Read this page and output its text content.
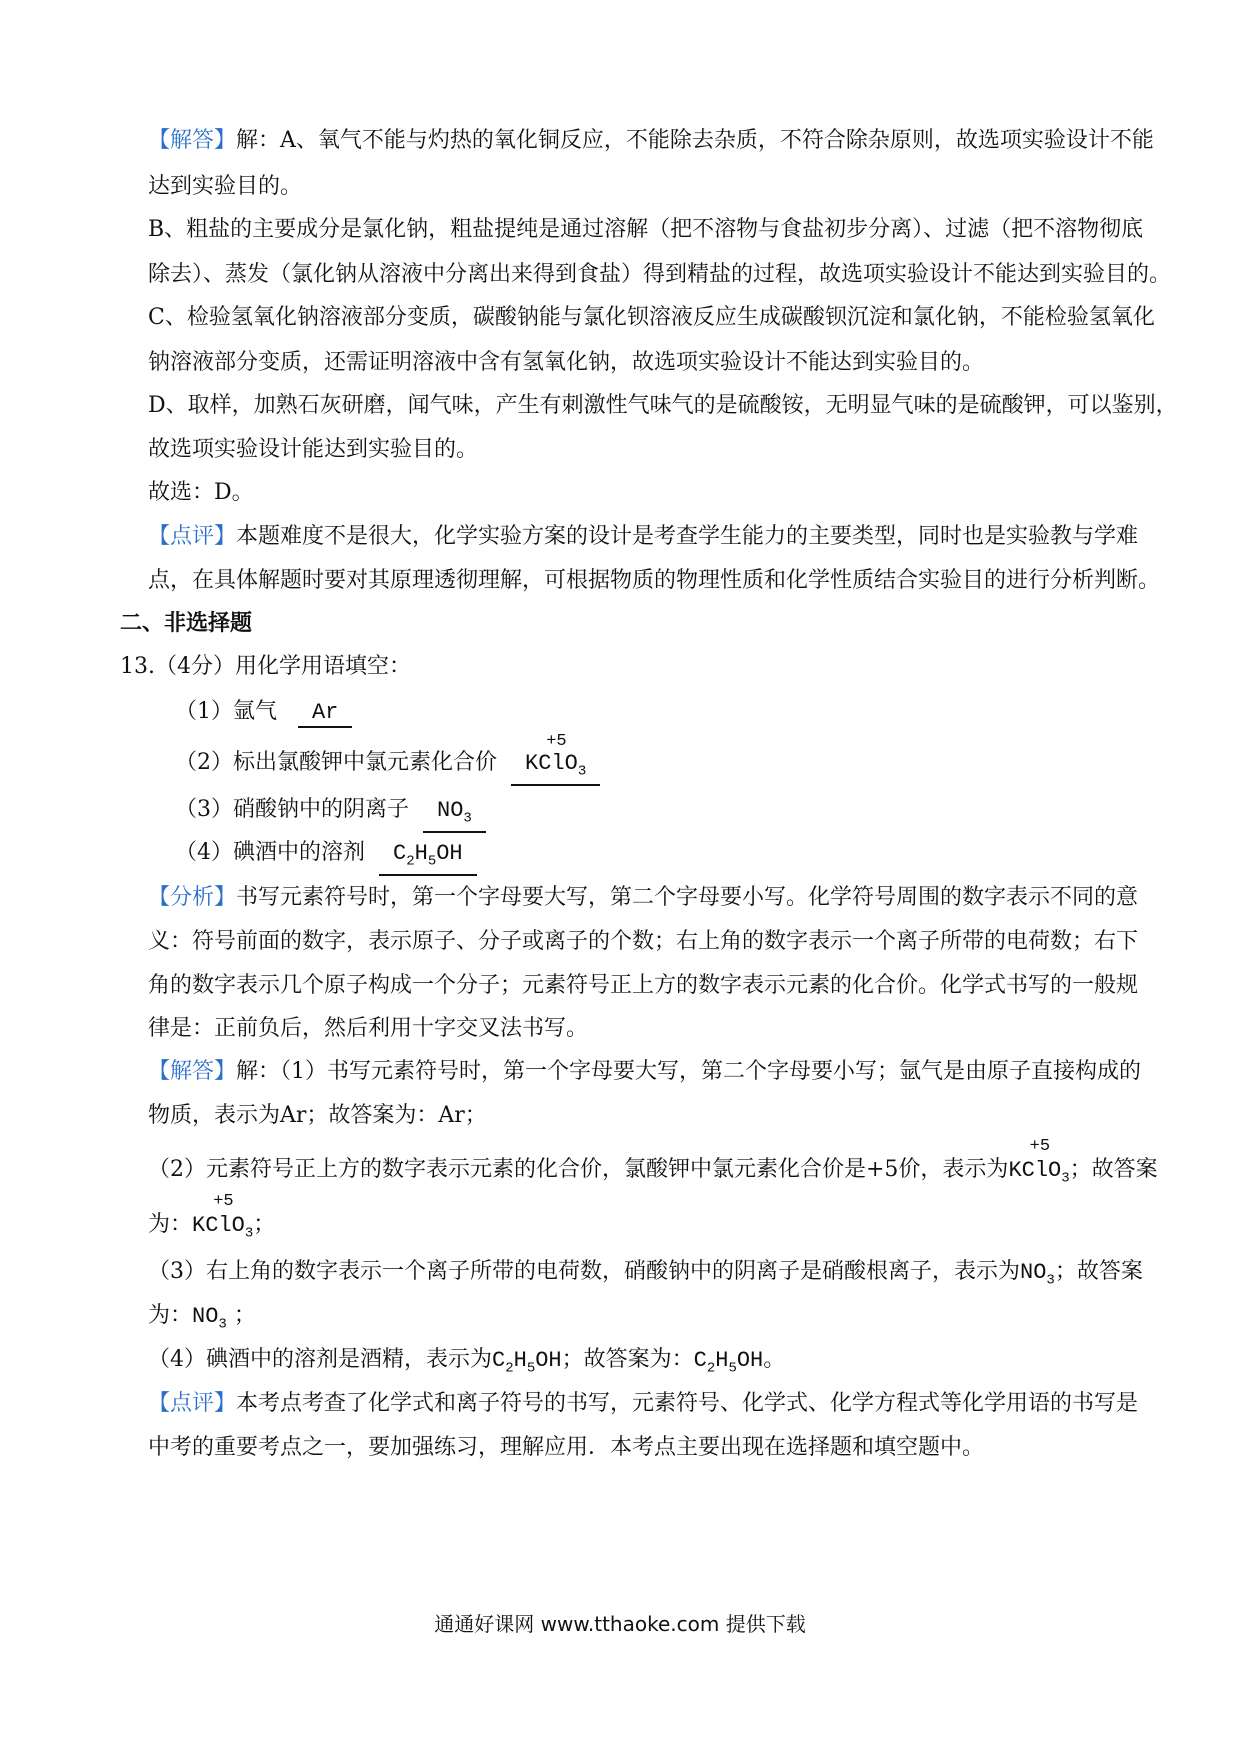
【解答】解：A、氧气不能与灼热的氧化铜反应，不能除去杂质，不符合除杂原则，故选项实验设计不能
达到实验目的。
B、粗盐的主要成分是氯化钠，粗盐提纯是通过溶解（把不溶物与食盐初步分离）、过滤（把不溶物彻底
除去）、蒸发（氯化钠从溶液中分离出来得到食盐）得到精盐的过程，故选项实验设计不能达到实验目的。
C、检验氢氧化钠溶液部分变质，碳酸钠能与氯化钡溶液反应生成碳酸钡沉淀和氯化钠，不能检验氢氧化
钠溶液部分变质，还需证明溶液中含有氢氧化钠，故选项实验设计不能达到实验目的。
D、取样，加熟石灰研磨，闻气味，产生有刺激性气味气的是硫酸铵，无明显气味的是硫酸钾，可以鉴别，
故选项实验设计能达到实验目的。
故选：D。
【点评】本题难度不是很大，化学实验方案的设计是考查学生能力的主要类型，同时也是实验教与学难
点，在具体解题时要对其原理透彻理解，可根据物质的物理性质和化学性质结合实验目的进行分析判断。
二、非选择题
13.（4分）用化学用语填空：
（1）氩气 Ar
（2）标出氯酸钾中氯元素化合价 K
+5
ClO$_3$
（3）硝酸钠中的阴离子 $NO_3$
（4）碘酒中的溶剂 $C_2H_5OH$
【分析】书写元素符号时，第一个字母要大写，第二个字母要小写。化学符号周围的数字表示不同的意
义：符号前面的数字，表示原子、分子或离子的个数；右上角的数字表示一个离子所带的电荷数；右下
角的数字表示几个原子构成一个分子；元素符号正上方的数字表示元素的化合价。化学式书写的一般规
律是：正前负后，然后利用十字交叉法书写。
【解答】解：（1）书写元素符号时，第一个字母要大写，第二个字母要小写；氩气是由原子直接构成的
物质，表示为Ar；故答案为：Ar；
（2）元素符号正上方的数字表示元素的化合价，氯酸钾中氯元素化合价是+5价，表示为K
+5
ClO$_3$；故答案
为：K
+5
ClO$_3$；
（3）右上角的数字表示一个离子所带的电荷数，硝酸钠中的阴离子是硝酸根离子，表示为$NO_3$；故答案
为：$NO_3$ ；
（4）碘酒中的溶剂是酒精，表示为$C_2H_5OH$；故答案为：$C_2H_5OH$。
【点评】本考点考查了化学式和离子符号的书写，元素符号、化学式、化学方程式等化学用语的书写是
中考的重要考点之一，要加强练习，理解应用．本考点主要出现在选择题和填空题中。
通通好课网 www.tthaoke.com 提供下载
